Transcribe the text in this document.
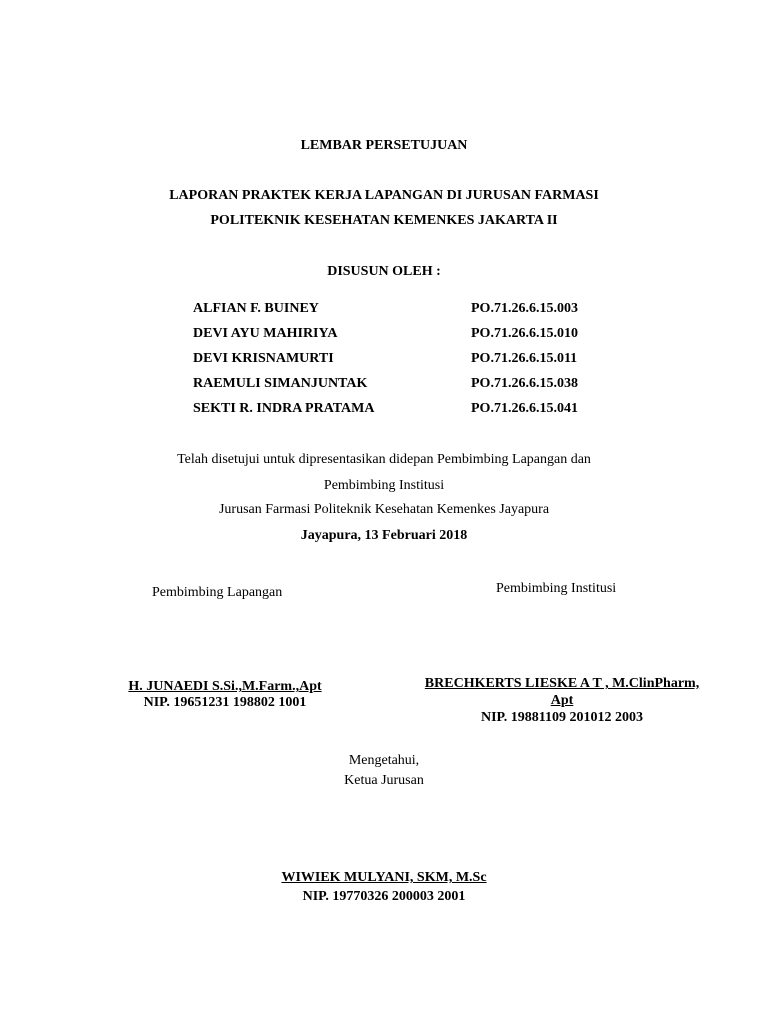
LEMBAR PERSETUJUAN
LAPORAN PRAKTEK KERJA LAPANGAN DI JURUSAN FARMASI
POLITEKNIK KESEHATAN KEMENKES JAKARTA II
DISUSUN OLEH :
ALFIAN F. BUINEY	PO.71.26.6.15.003
DEVI AYU MAHIRIYA	PO.71.26.6.15.010
DEVI KRISNAMURTI	PO.71.26.6.15.011
RAEMULI SIMANJUNTAK	PO.71.26.6.15.038
SEKTI R. INDRA PRATAMA	PO.71.26.6.15.041
Telah disetujui untuk dipresentasikan didepan Pembimbing Lapangan dan
Pembimbing Institusi
Jurusan Farmasi Politeknik Kesehatan Kemenkes Jayapura
Jayapura, 13 Februari 2018
Pembimbing Lapangan
H. JUNAEDI S.Si.,M.Farm.,Apt
NIP. 19651231 198802 1001
Pembimbing Institusi
BRECHKERTS LIESKE A T , M.ClinPharm,
Apt
NIP. 19881109 201012 2003
Mengetahui,
Ketua Jurusan
WIWIEK MULYANI, SKM, M.Sc
NIP. 19770326 200003 2001
